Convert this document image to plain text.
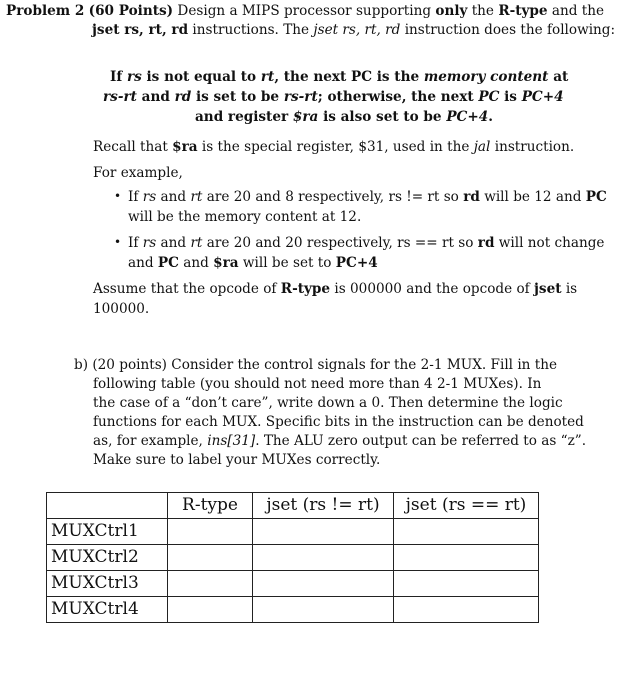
Problem 2 (60 Points) Design a MIPS processor supporting only the R-type and the
jset rs, rt, rd instructions. The jset rs, rt, rd instruction does the following:
If rs is not equal to rt, the next PC is the memory content at
rs-rt and rd is set to be rs-rt; otherwise, the next PC is PC+4
and register $ra is also set to be PC+4.
Recall that $ra is the special register, $31, used in the jal instruction.
For example,
• If rs and rt are 20 and 8 respectively, rs != rt so rd will be 12 and PC
will be the memory content at 12.
• If rs and rt are 20 and 20 respectively, rs == rt so rd will not change
and PC and $ra will be set to PC+4
Assume that the opcode of R-type is 000000 and the opcode of jset is
100000.
b) (20 points) Consider the control signals for the 2-1 MUX. Fill in the
following table (you should not need more than 4 2-1 MUXes). In
the case of a “don’t care”, write down a 0. Then determine the logic
functions for each MUX. Specific bits in the instruction can be denoted
as, for example, ins[31]. The ALU zero output can be referred to as “z”.
Make sure to label your MUXes correctly.
	R-type	jset (rs != rt)	jset (rs == rt)
MUXCtrl1			
MUXCtrl2			
MUXCtrl3			
MUXCtrl4			
